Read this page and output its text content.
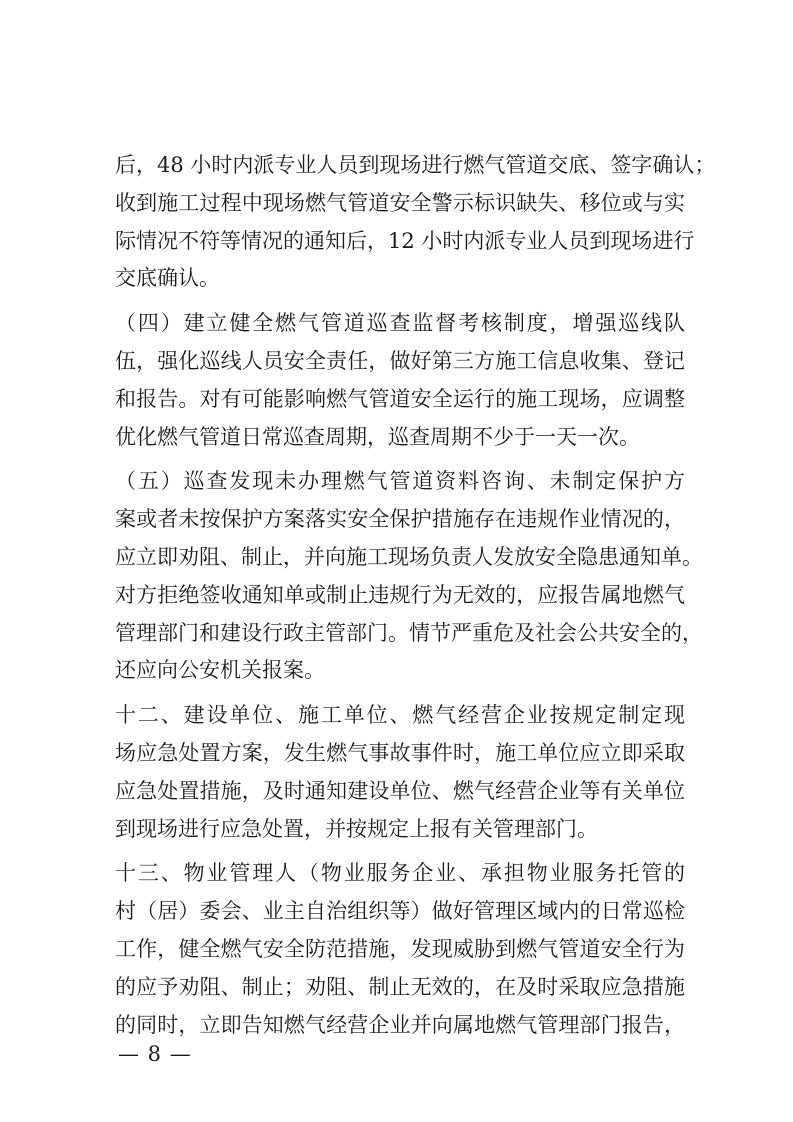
后，48 小时内派专业人员到现场进行燃气管道交底、签字确认；
收到施工过程中现场燃气管道安全警示标识缺失、移位或与实
际情况不符等情况的通知后，12 小时内派专业人员到现场进行
交底确认。
（四）建立健全燃气管道巡查监督考核制度，增强巡线队
伍，强化巡线人员安全责任，做好第三方施工信息收集、登记
和报告。对有可能影响燃气管道安全运行的施工现场，应调整
优化燃气管道日常巡查周期，巡查周期不少于一天一次。
（五）巡查发现未办理燃气管道资料咨询、未制定保护方
案或者未按保护方案落实安全保护措施存在违规作业情况的，
应立即劝阻、制止，并向施工现场负责人发放安全隐患通知单。
对方拒绝签收通知单或制止违规行为无效的，应报告属地燃气
管理部门和建设行政主管部门。情节严重危及社会公共安全的，
还应向公安机关报案。
十二、建设单位、施工单位、燃气经营企业按规定制定现
场应急处置方案，发生燃气事故事件时，施工单位应立即采取
应急处置措施，及时通知建设单位、燃气经营企业等有关单位
到现场进行应急处置，并按规定上报有关管理部门。
十三、物业管理人（物业服务企业、承担物业服务托管的
村（居）委会、业主自治组织等）做好管理区域内的日常巡检
工作，健全燃气安全防范措施，发现威胁到燃气管道安全行为
的应予劝阻、制止；劝阻、制止无效的，在及时采取应急措施
的同时，立即告知燃气经营企业并向属地燃气管理部门报告，
— 8 —
